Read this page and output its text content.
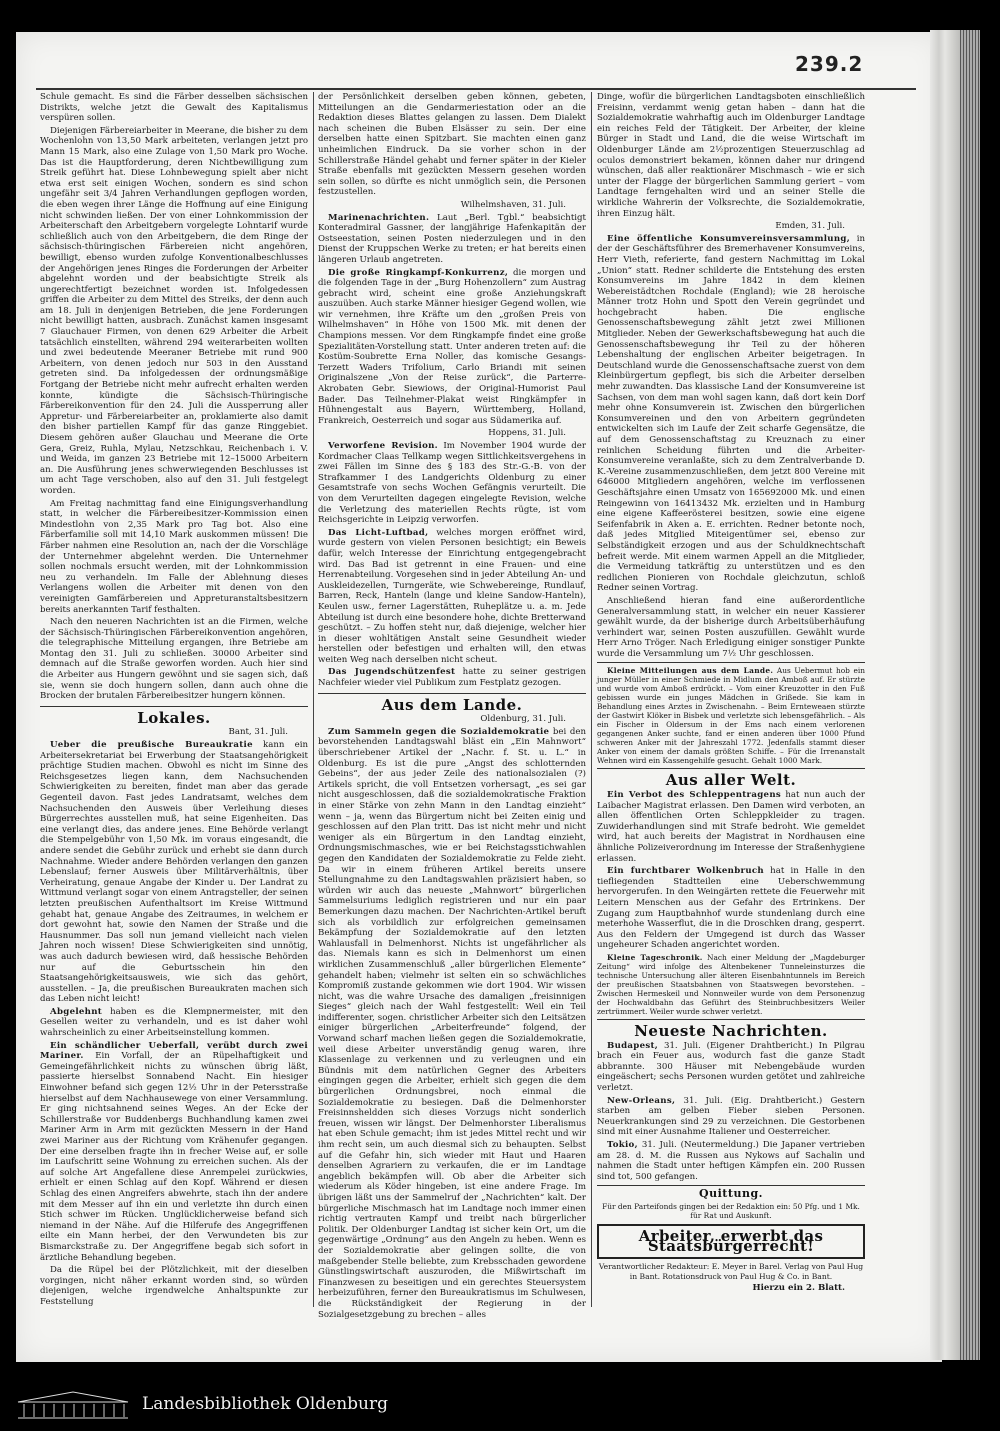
239.2

Schule gemacht. Es sind die Färber desselben sächsischen Distrikts, welche jetzt die Gewalt des Kapitalismus verspüren sollen.

Diejenigen Färbereiarbeiter in Meerane, die bisher zu dem Wochenlohn von 13,50 Mark arbeiteten, verlangen jetzt pro Mann 15 Mark, also eine Zulage von 1,50 Mark pro Woche. Das ist die Hauptforderung, deren Nichtbewilligung zum Streik geführt hat. Diese Lohnbewegung spielt aber nicht etwa erst seit einigen Wochen, sondern es sind schon ungefähr seit 3/4 Jahren Verhandlungen gepflogen worden, die eben wegen ihrer Länge die Hoffnung auf eine Einigung nicht schwinden ließen. Der von einer Lohnkommission der Arbeiterschaft den Arbeitgebern vorgelegte Lohntarif wurde schließlich auch von den Arbeitgebern, die dem Ringe der sächsisch-thüringischen Färbereien nicht angehören, bewilligt, ebenso wurden zufolge Konventionalbeschlusses der Angehörigen jenes Ringes die Forderungen der Arbeiter abgelehnt worden und der beabsichtigte Streik als ungerechtfertigt bezeichnet worden ist. Infolgedessen griffen die Arbeiter zu dem Mittel des Streiks, der denn auch am 18. Juli in denjenigen Betrieben, die jene Forderungen nicht bewilligt hatten, ausbrach. Zunächst kamen insgesamt 7 Glauchauer Firmen, von denen 629 Arbeiter die Arbeit tatsächlich einstellten, während 294 weiterarbeiten wollten und zwei bedeutende Meeraner Betriebe mit rund 900 Arbeitern, von denen jedoch nur 503 in den Ausstand getreten sind. Da infolgedessen der ordnungsmäßige Fortgang der Betriebe nicht mehr aufrecht erhalten werden konnte, kündigte die Sächsisch-Thüringische Färbereikonvention für den 24. Juli die Aussperrung aller Appretur- und Färbereiarbeiter an, proklamierte also damit den bisher partiellen Kampf für das ganze Ringgebiet. Diesem gehören außer Glauchau und Meerane die Orte Gera, Greiz, Ruhla, Mylau, Netzschkau, Reichenbach i. V. und Weida, im ganzen 23 Betriebe mit 12–15000 Arbeitern an. Die Ausführung jenes schwerwiegenden Beschlusses ist um acht Tage verschoben, also auf den 31. Juli festgelegt worden.

Am Freitag nachmittag fand eine Einigungsverhandlung statt, in welcher die Färbereibesitzer-Kommission einen Mindestlohn von 2,35 Mark pro Tag bot. Also eine Färberfamilie soll mit 14,10 Mark auskommen müssen! Die Färber nahmen eine Resolution an, nach der die Vorschläge der Unternehmer abgelehnt werden. Die Unternehmer sollen nochmals ersucht werden, mit der Lohnkommission neu zu verhandeln. Im Falle der Ablehnung dieses Verlangens wollen die Arbeiter mit denen von den vereinigten Gamfärbereien und Appreturanstaltsbesitzern bereits anerkannten Tarif festhalten.

Nach den neueren Nachrichten ist an die Firmen, welche der Sächsisch-Thüringischen Färbereikonvention angehören, die telegraphische Mitteilung ergangen, ihre Betriebe am Montag den 31. Juli zu schließen. 30000 Arbeiter sind demnach auf die Straße geworfen worden. Auch hier sind die Arbeiter aus Hungern gewöhnt und sie sagen sich, daß sie, wenn sie doch hungern sollen, dann auch ohne die Brocken der brutalen Färbereibesitzer hungern können.

Lokales.
Bant, 31. Juli.

Ueber die preußische Bureaukratie kann ein Arbeitersekretariat bei Erwerbung der Staatsangehörigkeit prächtige Studien machen. Obwohl es nicht im Sinne des Reichsgesetzes liegen kann, dem Nachsuchenden Schwierigkeiten zu bereiten, findet man aber das gerade Gegenteil davon. Fast jedes Landratsamt, welches dem Nachsuchenden den Ausweis über Verleihung dieses Bürgerrechtes ausstellen muß, hat seine Eigenheiten. Das eine verlangt dies, das andere jenes. Eine Behörde verlangt die Stempelgebühr von 1,50 Mk. im voraus eingesandt, die andere sendet die Gebühr zurück und erhebt sie dann durch Nachnahme. Wieder andere Behörden verlangen den ganzen Lebenslauf; ferner Ausweis über Militärverhältnis, über Verheiratung, genaue Angabe der Kinder u. Der Landrat zu Wittmund verlangt sogar von einem Antragsteller, der seinen letzten preußischen Aufenthaltsort im Kreise Wittmund gehabt hat, genaue Angabe des Zeitraumes, in welchem er dort gewohnt hat, sowie den Namen der Straße und die Hausnummer. Das soll nun jemand vielleicht nach vielen Jahren noch wissen! Diese Schwierigkeiten sind unnötig, was auch dadurch bewiesen wird, daß hessische Behörden nur auf die Geburtsschein hin den Staatsangehörigkeitsausweis, wie sich das gehört, ausstellen. – Ja, die preußischen Bureaukraten machen sich das Leben nicht leicht!

Abgelehnt haben es die Klempnermeister, mit den Gesellen weiter zu verhandeln, und es ist daher wohl wahrscheinlich zu einer Arbeitseinstellung kommen.

Ein schändlicher Ueberfall, verübt durch zwei Mariner. Ein Vorfall, der an Rüpelhaftigkeit und Gemeingefährlichkeit nichts zu wünschen übrig läßt, passierte hierselbst Sonnabend Nacht. Ein hiesiger Einwohner befand sich gegen 12½ Uhr in der Petersstraße hierselbst auf dem Nachhausewege von einer Versammlung. Er ging nichtsahnend seines Weges. An der Ecke der Schillerstraße vor Buddenbergs Buchhandlung kamen zwei Mariner Arm in Arm mit gezückten Messern in der Hand zwei Mariner aus der Richtung vom Krähenufer gegangen. Der eine derselben fragte ihn in frecher Weise auf, er solle im Laufschritt seine Wohnung zu erreichen suchen. Als der auf solche Art Angefallene diese Anrempelei zurückwies, erhielt er einen Schlag auf den Kopf. Während er diesen Schlag des einen Angreifers abwehrte, stach ihn der andere mit dem Messer auf ihn ein und verletzte ihn durch einen Stich schwer im Rücken. Unglücklicherweise befand sich niemand in der Nähe. Auf die Hilferufe des Angegriffenen eilte ein Mann herbei, der den Verwundeten bis zur Bismarckstraße zu. Der Angegriffene begab sich sofort in ärztliche Behandlung begeben.

Da die Rüpel bei der Plötzlichkeit, mit der dieselben vorgingen, nicht näher erkannt worden sind, so würden diejenigen, welche irgendwelche Anhaltspunkte zur Feststellung

der Persönlichkeit derselben geben können, gebeten, Mitteilungen an die Gendarmeriestation oder an die Redaktion dieses Blattes gelangen zu lassen. Dem Dialekt nach scheinen die Buben Elsässer zu sein. Der eine derselben hatte einen Spitzbart. Sie machten einen ganz unheimlichen Eindruck. Da sie vorher schon in der Schillerstraße Händel gehabt und ferner später in der Kieler Straße ebenfalls mit gezückten Messern gesehen worden sein sollen, so dürfte es nicht unmöglich sein, die Personen festzustellen.

Wilhelmshaven, 31. Juli.

Marinenachrichten. Laut „Berl. Tgbl.“ beabsichtigt Konteradmiral Gassner, der langjährige Hafenkapitän der Ostseestation, seinen Posten niederzulegen und in den Dienst der Kruppschen Werke zu treten; er hat bereits einen längeren Urlaub angetreten.

Die große Ringkampf-Konkurrenz, die morgen und die folgenden Tage in der „Burg Hohenzollern“ zum Austrag gebracht wird, scheint eine große Anziehungskraft auszuüben. Auch starke Männer hiesiger Gegend wollen, wie wir vernehmen, ihre Kräfte um den „großen Preis von Wilhelmshaven“ in Höhe von 1500 Mk. mit denen der Champions messen. Vor dem Ringkampfe findet eine große Spezialitäten-Vorstellung statt. Unter anderen treten auf: die Kostüm-Soubrette Erna Noller, das komische Gesangs-Terzett Waders Trifolium, Carlo Briandi mit seinen Originalszene „Von der Reise zurück“, die Parterre-Akrobaten Gebr. Siewiows, der Original-Humorist Paul Bader. Das Teilnehmer-Plakat weist Ringkämpfer in Hühnengestalt aus Bayern, Württemberg, Holland, Frankreich, Oesterreich und sogar aus Südamerika auf.

Hoppens, 31. Juli.

Verworfene Revision. Im November 1904 wurde der Kordmacher Claas Tellkamp wegen Sittlichkeitsvergehens in zwei Fällen im Sinne des § 183 des Str.-G.-B. von der Strafkammer I des Landgerichts Oldenburg zu einer Gesamtstrafe von sechs Wochen Gefängnis verurteilt. Die von dem Verurteilten dagegen eingelegte Revision, welche die Verletzung des materiellen Rechts rügte, ist vom Reichsgerichte in Leipzig verworfen.

Das Licht-Luftbad, welches morgen eröffnet wird, wurde gestern von vielen Personen besichtigt; ein Beweis dafür, welch Interesse der Einrichtung entgegengebracht wird. Das Bad ist getrennt in eine Frauen- und eine Herrenabteilung. Vorgesehen sind in jeder Abteilung An- und Auskleidezellen, Turngeräte, wie Schwebereinge, Rundlauf, Barren, Reck, Hanteln (lange und kleine Sandow-Hanteln), Keulen usw., ferner Lagerstätten, Ruheplätze u. a. m. Jede Abteilung ist durch eine besondere hohe, dichte Bretterwand geschützt. – Zu hoffen steht nur, daß diejenige, welcher hier in dieser wohltätigen Anstalt seine Gesundheit wieder herstellen oder befestigen und erhalten will, den etwas weiten Weg nach derselben nicht scheut.

Das Jugendschützenfest hatte zu seiner gestrigen Nachfeier wieder viel Publikum zum Festplatz gezogen.

Aus dem Lande.
Oldenburg, 31. Juli.

Zum Sammeln gegen die Sozialdemokratie bei den bevorstehenden Landtagswahl bläst ein „Ein Mahnwort“ überschriebener Artikel der „Nachr. f. St. u. L.“ in Oldenburg. Es ist die pure „Angst des schlotternden Gebeins“, der aus jeder Zeile des nationalsozialen (?) Artikels spricht, die voll Entsetzen vorhersagt, „es sei gar nicht ausgeschlossen, daß die sozialdemokratische Fraktion in einer Stärke von zehn Mann in den Landtag einzieht“ wenn – ja, wenn das Bürgertum nicht bei Zeiten einig und geschlossen auf den Plan tritt. Das ist nicht mehr und nicht weniger als ein Bürgertum in den Landtag einzieht, Ordnungsmischmasches, wie er bei Reichstagsstichwahlen gegen den Kandidaten der Sozialdemokratie zu Felde zieht. Da wir in einem früheren Artikel bereits unsere Stellungnahme zu den Landtagswahlen präzisiert haben, so würden wir auch das neueste „Mahnwort“ bürgerlichen Sammelsuriums lediglich registrieren und nur ein paar Bemerkungen dazu machen. Der Nachrichten-Artikel beruft sich als vorbildlich zur erfolgreichen gemeinsamen Bekämpfung der Sozialdemokratie auf den letzten Wahlausfall in Delmenhorst. Nichts ist ungefährlicher als das. Niemals kann es sich in Delmenhorst um einen wirklichen Zusammenschluß „aller bürgerlichen Elemente“ gehandelt haben; vielmehr ist selten ein so schwächliches Kompromiß zustande gekommen wie dort 1904. Wir wissen nicht, was die wahre Ursache des damaligen „freisinnigen Sieges“ gleich nach der Wahl festgestellt: Weil ein Teil indifferenter, sogen. christlicher Arbeiter sich den Leitsätzen einiger bürgerlichen „Arbeiterfreunde“ folgend, der Vorwand scharf machen ließen gegen die Sozialdemokratie, weil diese Arbeiter unverständig genug waren, ihre Klassenlage zu verkennen und zu verleugnen und ein Bündnis mit dem natürlichen Gegner des Arbeiters eingingen gegen die Arbeiter, erhielt sich gegen die dem bürgerlichen Ordnungsbrei, noch einmal die Sozialdemokratie zu besiegen. Daß die Delmenhorster Freisinnsheldden sich dieses Vorzugs nicht sonderlich freuen, wissen wir längst. Der Delmenhorster Liberalismus hat eben Schule gemacht; ihm ist jedes Mittel recht und wir ihm recht sein, um auch diesmal sich zu behaupten. Selbst auf die Gefahr hin, sich wieder mit Haut und Haaren denselben Agrariern zu verkaufen, die er im Landtage angeblich bekämpfen will. Ob aber die Arbeiter sich wiederum als Köder hingeben, ist eine andere Frage. Im übrigen läßt uns der Sammelruf der „Nachrichten“ kalt. Der bürgerliche Mischmasch hat im Landtage noch immer einen richtig vertrauten Kampf und treibt nach bürgerlicher Politik. Der Oldenburger Landtag ist sicher kein Ort, um die gegenwärtige „Ordnung“ aus den Angeln zu heben. Wenn es der Sozialdemokratie aber gelingen sollte, die von maßgebender Stelle beliebte, zum Krebsschaden gewordene Günstlingswirtschaft auszuroden, die Mißwirtschaft im Finanzwesen zu beseitigen und ein gerechtes Steuersystem herbeizuführen, ferner den Bureaukratismus im Schulwesen, die Rückständigkeit der Regierung in der Sozialgesetzgebung zu brechen – alles

Dinge, wofür die bürgerlichen Landtagsboten einschließlich Freisinn, verdammt wenig getan haben – dann hat die Sozialdemokratie wahrhaftig auch im Oldenburger Landtage ein reiches Feld der Tätigkeit. Der Arbeiter, der kleine Bürger in Stadt und Land, die die weise Wirtschaft im Oldenburger Lände am 2½prozentigen Steuerzuschlag ad oculos demonstriert bekamen, können daher nur dringend wünschen, daß aller reaktionärer Mischmasch – wie er sich unter der Flagge der bürgerlichen Sammlung geriert – vom Landtage ferngehalten wird und an seiner Stelle die wirkliche Wahrerin der Volksrechte, die Sozialdemokratie, ihren Einzug hält.

Emden, 31. Juli.

Eine öffentliche Konsumvereinsversammlung, in der der Geschäftsführer des Bremerhavener Konsumvereins, Herr Vieth, referierte, fand gestern Nachmittag im Lokal „Union“ statt. Redner schilderte die Entstehung des ersten Konsumvereins im Jahre 1842 in dem kleinen Webereistädtchen Rochdale (England); wie 28 heroische Männer trotz Hohn und Spott den Verein gegründet und hochgebracht haben. Die englische Genossenschaftsbewegung zählt jetzt zwei Millionen Mitglieder. Neben der Gewerkschaftsbewegung hat auch die Genossenschaftsbewegung ihr Teil zu der höheren Lebenshaltung der englischen Arbeiter beigetragen. In Deutschland wurde die Genossenschaftsache zuerst von dem Kleinbürgertum gepflegt, bis sich die Arbeiter derselben mehr zuwandten. Das klassische Land der Konsumvereine ist Sachsen, von dem man wohl sagen kann, daß dort kein Dorf mehr ohne Konsumverein ist. Zwischen den bürgerlichen Konsumvereinen und den von Arbeitern gegründeten entwickelten sich im Laufe der Zeit scharfe Gegensätze, die auf dem Genossenschaftstag zu Kreuznach zu einer reinlichen Scheidung führten und die Arbeiter-Konsumvereine veranlaßte, sich zu dem Zentralverbande D. K.-Vereine zusammenzuschließen, dem jetzt 800 Vereine mit 646000 Mitgliedern angehören, welche im verflossenen Geschäftsjahre einen Umsatz von 165692000 Mk. und einen Reingewinn von 16413432 Mk. erzielten und in Hamburg eine eigene Kaffeerösterei besitzen, sowie eine eigene Seifenfabrik in Aken a. E. errichten. Redner betonte noch, daß jedes Mitglied Miteigentümer sei, ebenso zur Selbständigkeit erzogen und aus der Schuldknechtschaft befreit werde. Mit einem warmen Appell an die Mitglieder, die Vermeidung tatkräftig zu unterstützen und es den redlichen Pionieren von Rochdale gleichzutun, schloß Redner seinen Vortrag.

Anschließend hieran fand eine außerordentliche Generalversammlung statt, in welcher ein neuer Kassierer gewählt wurde, da der bisherige durch Arbeitsüberhäufung verhindert war, seinen Posten auszufüllen. Gewählt wurde Herr Arno Tröger. Nach Erledigung einiger sonstiger Punkte wurde die Versammlung um 7½ Uhr geschlossen.

Kleine Mitteilungen aus dem Lande. Aus Uebermut hob ein junger Müller in einer Schmiede in Midlum den Amboß auf. Er stürzte und wurde vom Amboß erdrückt. – Vom einer Kreuzotter in den Fuß gebissen wurde ein junges Mädchen in Grißede. Sie kam in Behandlung eines Arztes in Zwischenahn. – Beim Ernteweaen stürzte der Gastwirt Klöker in Bisbek und verletzte sich lebensgefährlich. – Als ein Fischer in Oldersum in der Ems nach einem verlorenen gegangenen Anker suchte, fand er einen anderen über 1000 Pfund schweren Anker mit der Jahreszahl 1772. Jedenfalls stammt dieser Anker von einem der damals größten Schiffe. – Für die Irrenanstalt Wehnen wird ein Kassengehilfe gesucht. Gehalt 1000 Mark.

Aus aller Welt.

Ein Verbot des Schleppentragens hat nun auch der Laibacher Magistrat erlassen. Den Damen wird verboten, an allen öffentlichen Orten Schleppkleider zu tragen. Zuwiderhandlungen sind mit Strafe bedroht. Wie gemeldet wird, hat auch bereits der Magistrat in Nordhausen eine ähnliche Polizeiverordnung im Interesse der Straßenhygiene erlassen.

Ein furchtbarer Wolkenbruch hat in Halle in den tiefliegenden Stadtteilen eine Ueberschwemmung hervorgerufen. In den Weingärten rettete die Feuerwehr mit Leitern Menschen aus der Gefahr des Ertrinkens. Der Zugang zum Hauptbahnhof wurde stundenlang durch eine meterhohe Wasserflut, die in die Droschken drang, gesperrt. Aus den Feldern der Umgegend ist durch das Wasser ungeheurer Schaden angerichtet worden.

Kleine Tageschronik. Nach einer Meldung der „Magdeburger Zeitung“ wird infolge des Altenbekener Tunneleinsturzes die technische Untersuchung aller älteren Eisenbahntunnels im Bereich der preußischen Staatsbahnen von Staatswegen bevorstehen. – Zwischen Hermeskeil und Nonnweiler wurde von dem Personenzug der Hochwaldbahn das Geführt des Steinbruchbesitzers Weiler zertrümmert. Weiler wurde schwer verletzt.

Neueste Nachrichten.

Budapest, 31. Juli. (Eigener Drahtbericht.) In Pilgrau brach ein Feuer aus, wodurch fast die ganze Stadt abbrannte. 300 Häuser mit Nebengebäude wurden eingeäschert; sechs Personen wurden getötet und zahlreiche verletzt.

New-Orleans, 31. Juli. (Eig. Drahtbericht.) Gestern starben am gelben Fieber sieben Personen. Neuerkrankungen sind 29 zu verzeichnen. Die Gestorbenen sind mit einer Ausnahme Italiener und Oesterreicher.

Tokio, 31. Juli. (Neutermeldung.) Die Japaner vertrieben am 28. d. M. die Russen aus Nykows auf Sachalin und nahmen die Stadt unter heftigen Kämpfen ein. 200 Russen sind tot, 500 gefangen.

Quittung.

Für den Parteifonds gingen bei der Redaktion ein: 50 Pfg. und 1 Mk. für Rat und Auskunft.

Arbeiter, erwerbt das Staatsbürgerrecht!
Verantwortlicher Redakteur: E. Meyer in Barel. Verlag von Paul Hug in Bant. Rotationsdruck von Paul Hug & Co. in Bant.
Hierzu ein 2. Blatt.
Landesbibliothek Oldenburg
